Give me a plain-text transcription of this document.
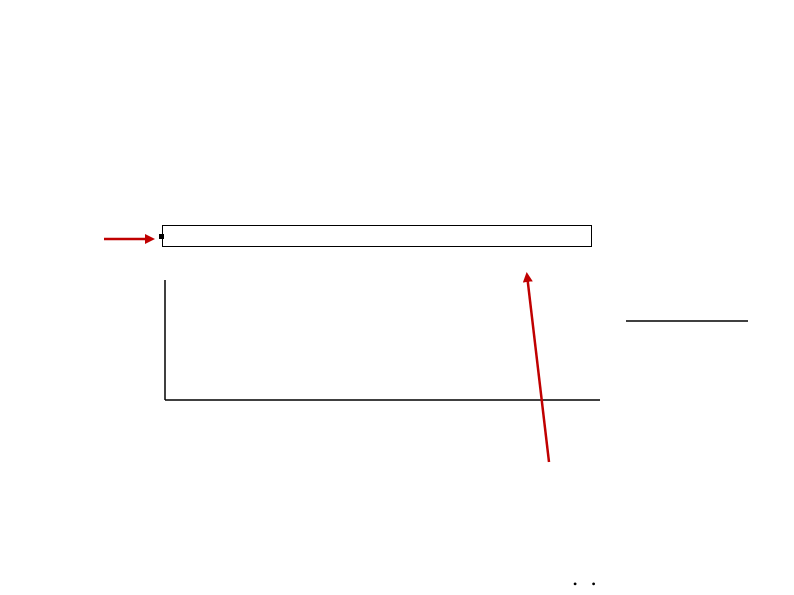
• •
